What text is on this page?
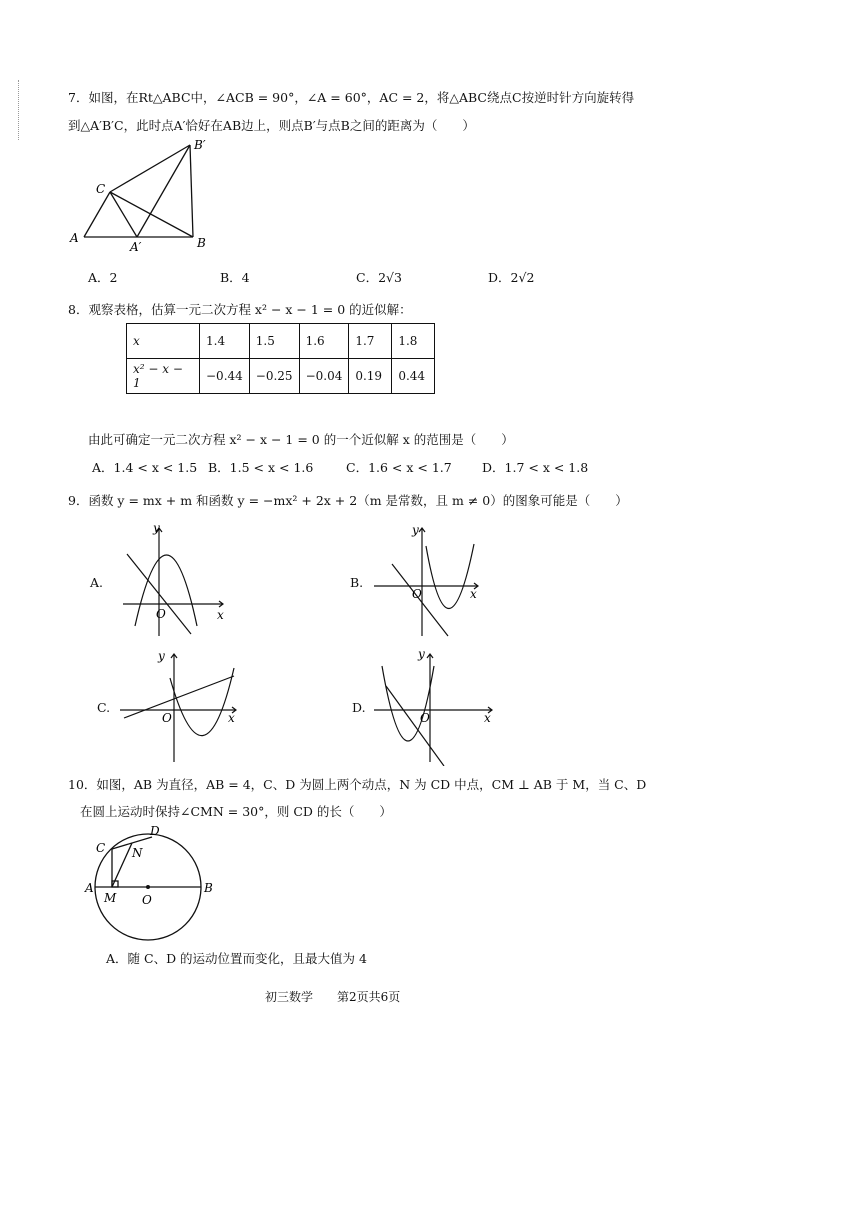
7．如图，在Rt△ABC中，∠ACB = 90°，∠A = 60°，AC = 2，将△ABC绕点C按逆时针方向旋转得
到△A′B′C，此时点A′恰好在AB边上，则点B′与点B之间的距离为（　　）
A	B
C
A′
B′
A．2	B．4	C．2√3	D．2√2
8．观察表格，估算一元二次方程 x² − x − 1 = 0 的近似解：
x	1.4	1.5	1.6	1.7	1.8
x² − x − 1	−0.44	−0.25	−0.04	0.19	0.44
由此可确定一元二次方程 x² − x − 1 = 0 的一个近似解 x 的范围是（　　）
A．1.4 < x < 1.5 B．1.5 < x < 1.6	C．1.6 < x < 1.7 D．1.7 < x < 1.8
9．函数 y = mx + m 和函数 y = −mx² + 2x + 2（m 是常数，且 m ≠ 0）的图象可能是（　　）
A.
y
x
O
B.
y
x
O
C.
y
x
O
D.
y
x
O
10．如图，AB 为直径，AB = 4，C、D 为圆上两个动点，N 为 CD 中点，CM ⊥ AB 于 M，当 C、D
在圆上运动时保持∠CMN = 30°，则 CD 的长（　　）
A	B
C
D
N
M O
A．随 C、D 的运动位置而变化，且最大值为 4
初三数学　　第2页共6页
